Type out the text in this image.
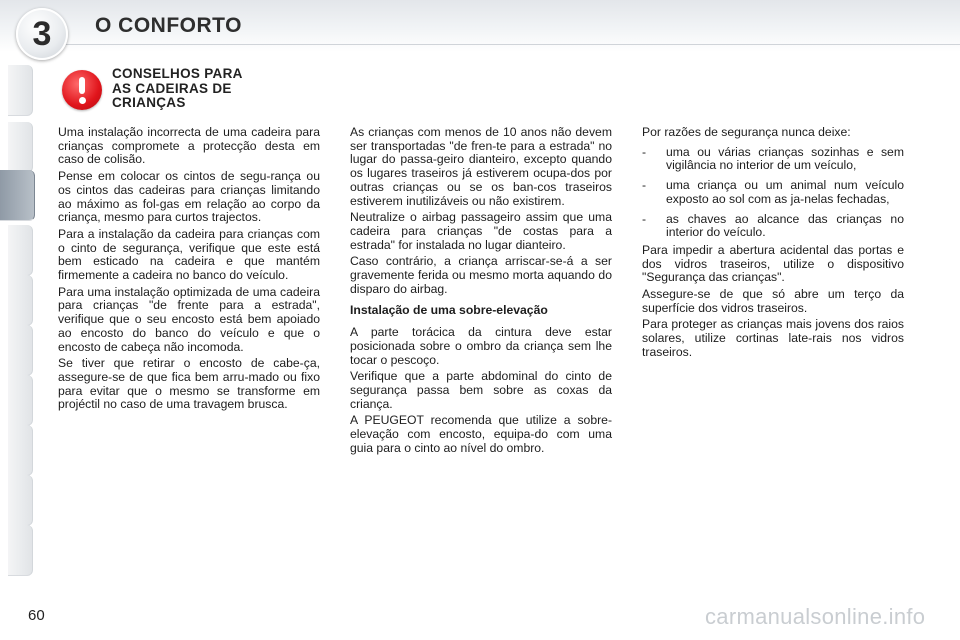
3	O CONFORTO
CONSELHOS PARA
AS CADEIRAS DE
CRIANÇAS

Uma instalação incorrecta de uma cadeira para crianças compromete a protecção desta em caso de colisão.

Pense em colocar os cintos de segu-rança ou os cintos das cadeiras para crianças limitando ao máximo as fol-gas em relação ao corpo da criança, mesmo para curtos trajectos.

Para a instalação da cadeira para crianças com o cinto de segurança, verifique que este está bem esticado na cadeira e que mantém firmemente a cadeira no banco do veículo.

Para uma instalação optimizada de uma cadeira para crianças "de frente para a estrada", verifique que o seu encosto está bem apoiado ao encosto do banco do veículo e que o encosto de cabeça não incomoda.

Se tiver que retirar o encosto de cabe-ça, assegure-se de que fica bem arru-mado ou fixo para evitar que o mesmo se transforme em projéctil no caso de uma travagem brusca.

As crianças com menos de 10 anos não devem ser transportadas "de fren-te para a estrada" no lugar do passa-geiro dianteiro, excepto quando os lugares traseiros já estiverem ocupa-dos por outras crianças ou se os ban-cos traseiros estiverem inutilizáveis ou não existirem.

Neutralize o airbag passageiro assim que uma cadeira para crianças "de costas para a estrada" for instalada no lugar dianteiro.

Caso contrário, a criança arriscar-se-á a ser gravemente ferida ou mesmo morta aquando do disparo do airbag.

Instalação de uma sobre-elevação

A parte torácica da cintura deve estar posicionada sobre o ombro da criança sem lhe tocar o pescoço.

Verifique que a parte abdominal do cinto de segurança passa bem sobre as coxas da criança.

A PEUGEOT recomenda que utilize a sobre-elevação com encosto, equipa-do com uma guia para o cinto ao nível do ombro.

Por razões de segurança nunca deixe:

-	uma ou várias crianças sozinhas e sem vigilância no interior de um veículo,
-	uma criança ou um animal num veículo exposto ao sol com as ja-nelas fechadas,
-	as chaves ao alcance das crianças no interior do veículo.

Para impedir a abertura acidental das portas e dos vidros traseiros, utilize o dispositivo "Segurança das crianças".

Assegure-se de que só abre um terço da superfície dos vidros traseiros.

Para proteger as crianças mais jovens dos raios solares, utilize cortinas late-rais nos vidros traseiros.

60	carmanualsonline.info
